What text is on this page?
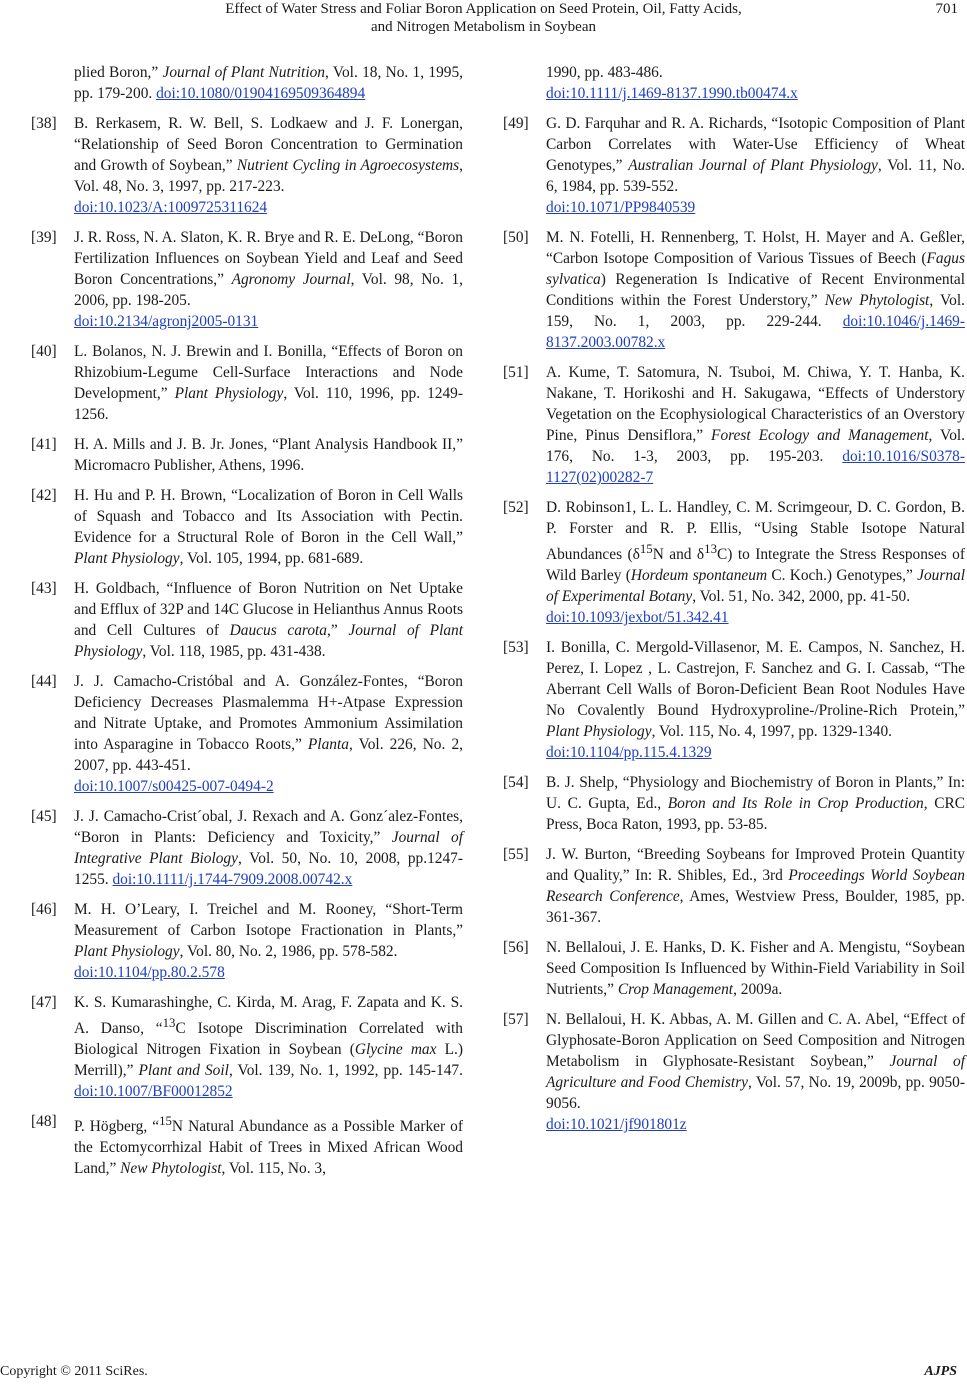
Effect of Water Stress and Foliar Boron Application on Seed Protein, Oil, Fatty Acids,
and Nitrogen Metabolism in Soybean
701
plied Boron,” Journal of Plant Nutrition, Vol. 18, No. 1, 1995, pp. 179-200. doi:10.1080/01904169509364894
[38] B. Rerkasem, R. W. Bell, S. Lodkaew and J. F. Lonergan, “Relationship of Seed Boron Concentration to Germination and Growth of Soybean,” Nutrient Cycling in Agroecosystems, Vol. 48, No. 3, 1997, pp. 217-223.
doi:10.1023/A:1009725311624
[39] J. R. Ross, N. A. Slaton, K. R. Brye and R. E. DeLong, “Boron Fertilization Influences on Soybean Yield and Leaf and Seed Boron Concentrations,” Agronomy Journal, Vol. 98, No. 1, 2006, pp. 198-205.
doi:10.2134/agronj2005-0131
[40] L. Bolanos, N. J. Brewin and I. Bonilla, “Effects of Boron on Rhizobium-Legume Cell-Surface Interactions and Node Development,” Plant Physiology, Vol. 110, 1996, pp. 1249-1256.
[41] H. A. Mills and J. B. Jr. Jones, “Plant Analysis Handbook II,” Micromacro Publisher, Athens, 1996.
[42] H. Hu and P. H. Brown, “Localization of Boron in Cell Walls of Squash and Tobacco and Its Association with Pectin. Evidence for a Structural Role of Boron in the Cell Wall,” Plant Physiology, Vol. 105, 1994, pp. 681-689.
[43] H. Goldbach, “Influence of Boron Nutrition on Net Uptake and Efflux of 32P and 14C Glucose in Helianthus Annus Roots and Cell Cultures of Daucus carota,” Journal of Plant Physiology, Vol. 118, 1985, pp. 431-438.
[44] J. J. Camacho-Cristóbal and A. González-Fontes, “Boron Deficiency Decreases Plasmalemma H+-Atpase Expression and Nitrate Uptake, and Promotes Ammonium Assimilation into Asparagine in Tobacco Roots,” Planta, Vol. 226, No. 2, 2007, pp. 443-451.
doi:10.1007/s00425-007-0494-2
[45] J. J. Camacho-Crist´obal, J. Rexach and A. Gonz´alez-Fontes, “Boron in Plants: Deficiency and Toxicity,” Journal of Integrative Plant Biology, Vol. 50, No. 10, 2008, pp.1247-1255. doi:10.1111/j.1744-7909.2008.00742.x
[46] M. H. O’Leary, I. Treichel and M. Rooney, “Short-Term Measurement of Carbon Isotope Fractionation in Plants,” Plant Physiology, Vol. 80, No. 2, 1986, pp. 578-582.
doi:10.1104/pp.80.2.578
[47] K. S. Kumarashinghe, C. Kirda, M. Arag, F. Zapata and K. S. A. Danso, “$^{13}$C Isotope Discrimination Correlated with Biological Nitrogen Fixation in Soybean (Glycine max L.) Merrill),” Plant and Soil, Vol. 139, No. 1, 1992, pp. 145-147. doi:10.1007/BF00012852
[48] P. Högberg, “$^{15}$N Natural Abundance as a Possible Marker of the Ectomycorrhizal Habit of Trees in Mixed African Wood Land,” New Phytologist, Vol. 115, No. 3,
1990, pp. 483-486.
doi:10.1111/j.1469-8137.1990.tb00474.x
[49] G. D. Farquhar and R. A. Richards, “Isotopic Composition of Plant Carbon Correlates with Water-Use Efficiency of Wheat Genotypes,” Australian Journal of Plant Physiology, Vol. 11, No. 6, 1984, pp. 539-552.
doi:10.1071/PP9840539
[50] M. N. Fotelli, H. Rennenberg, T. Holst, H. Mayer and A. Geßler, “Carbon Isotope Composition of Various Tissues of Beech (Fagus sylvatica) Regeneration Is Indicative of Recent Environmental Conditions within the Forest Understory,” New Phytologist, Vol. 159, No. 1, 2003, pp. 229-244. doi:10.1046/j.1469-8137.2003.00782.x
[51] A. Kume, T. Satomura, N. Tsuboi, M. Chiwa, Y. T. Hanba, K. Nakane, T. Horikoshi and H. Sakugawa, “Effects of Understory Vegetation on the Ecophysiological Characteristics of an Overstory Pine, Pinus Densiflora,” Forest Ecology and Management, Vol. 176, No. 1-3, 2003, pp. 195-203. doi:10.1016/S0378-1127(02)00282-7
[52] D. Robinson1, L. L. Handley, C. M. Scrimgeour, D. C. Gordon, B. P. Forster and R. P. Ellis, “Using Stable Isotope Natural Abundances ($\delta^{15}N$ and $\delta^{13}C$) to Integrate the Stress Responses of Wild Barley (Hordeum spontaneum C. Koch.) Genotypes,” Journal of Experimental Botany, Vol. 51, No. 342, 2000, pp. 41-50.
doi:10.1093/jexbot/51.342.41
[53] I. Bonilla, C. Mergold-Villasenor, M. E. Campos, N. Sanchez, H. Perez, I. Lopez , L. Castrejon, F. Sanchez and G. I. Cassab, “The Aberrant Cell Walls of Boron-Deficient Bean Root Nodules Have No Covalently Bound Hydroxyproline-/Proline-Rich Protein,” Plant Physiology, Vol. 115, No. 4, 1997, pp. 1329-1340.
doi:10.1104/pp.115.4.1329
[54] B. J. Shelp, “Physiology and Biochemistry of Boron in Plants,” In: U. C. Gupta, Ed., Boron and Its Role in Crop Production, CRC Press, Boca Raton, 1993, pp. 53-85.
[55] J. W. Burton, “Breeding Soybeans for Improved Protein Quantity and Quality,” In: R. Shibles, Ed., 3rd Proceedings World Soybean Research Conference, Ames, Westview Press, Boulder, 1985, pp. 361-367.
[56] N. Bellaloui, J. E. Hanks, D. K. Fisher and A. Mengistu, “Soybean Seed Composition Is Influenced by Within-Field Variability in Soil Nutrients,” Crop Management, 2009a.
[57] N. Bellaloui, H. K. Abbas, A. M. Gillen and C. A. Abel, “Effect of Glyphosate-Boron Application on Seed Composition and Nitrogen Metabolism in Glyphosate-Resistant Soybean,” Journal of Agriculture and Food Chemistry, Vol. 57, No. 19, 2009b, pp. 9050-9056.
doi:10.1021/jf901801z
Copyright © 2011 SciRes.	AJPS
